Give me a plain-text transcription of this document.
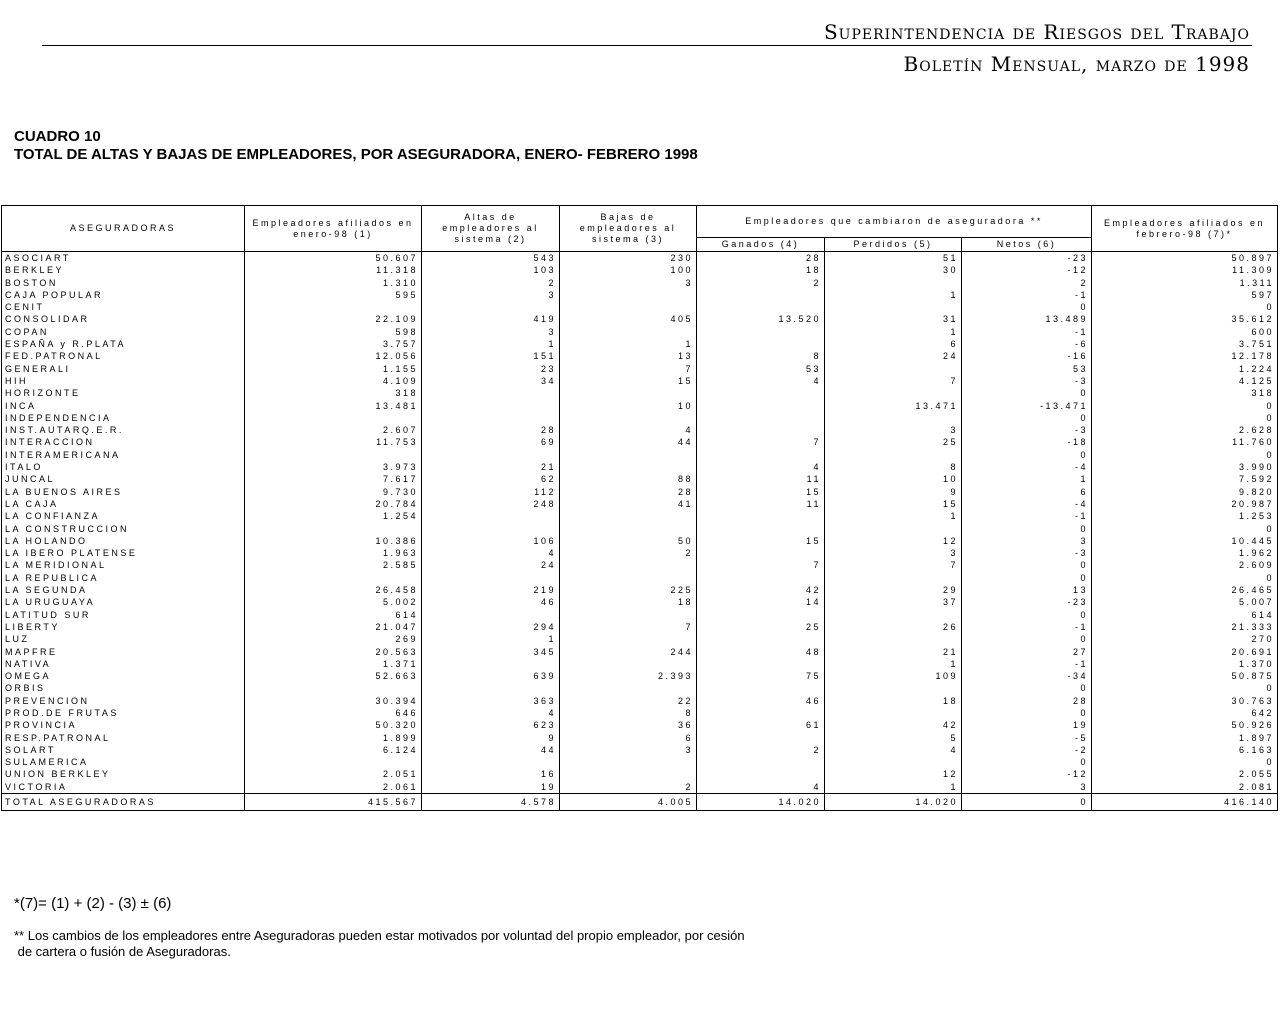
Superintendencia de Riesgos del Trabajo
Boletín Mensual, marzo de 1998
CUADRO 10
TOTAL DE ALTAS Y BAJAS DE EMPLEADORES, POR ASEGURADORA, ENERO- FEBRERO 1998
ASEGURADORAS	Empleadores afiliados en enero-98 (1)	Altas de empleadores al sistema (2)	Bajas de empleadores al sistema (3)	Empleadores que cambiaron de aseguradora **			Empleadores afiliados en febrero-98 (7)*
				Ganados (4)	Perdidos (5)	Netos (6)	
ASOCIART	50.607	543	230	28	51	-23	50.897
BERKLEY	11.318	103	100	18	30	-12	11.309
BOSTON	1.310	2	3	2		2	1.311
CAJA POPULAR	595	3			1	-1	597
CENIT						0	0
CONSOLIDAR	22.109	419	405	13.520	31	13.489	35.612
COPAN	598	3			1	-1	600
ESPAÑA y R.PLATA	3.757	1	1		6	-6	3.751
FED.PATRONAL	12.056	151	13	8	24	-16	12.178
GENERALI	1.155	23	7	53		53	1.224
HIH	4.109	34	15	4	7	-3	4.125
HORIZONTE	318					0	318
INCA	13.481		10		13.471	-13.471	0
INDEPENDENCIA						0	0
INST.AUTARQ.E.R.	2.607	28	4		3	-3	2.628
INTERACCION	11.753	69	44	7	25	-18	11.760
INTERAMERICANA						0	0
ITALO	3.973	21		4	8	-4	3.990
JUNCAL	7.617	62	88	11	10	1	7.592
LA BUENOS AIRES	9.730	112	28	15	9	6	9.820
LA CAJA	20.784	248	41	11	15	-4	20.987
LA CONFIANZA	1.254				1	-1	1.253
LA CONSTRUCCION						0	0
LA HOLANDO	10.386	106	50	15	12	3	10.445
LA IBERO PLATENSE	1.963	4	2		3	-3	1.962
LA MERIDIONAL	2.585	24		7	7	0	2.609
LA REPUBLICA						0	0
LA SEGUNDA	26.458	219	225	42	29	13	26.465
LA URUGUAYA	5.002	46	18	14	37	-23	5.007
LATITUD SUR	614					0	614
LIBERTY	21.047	294	7	25	26	-1	21.333
LUZ	269	1				0	270
MAPFRE	20.563	345	244	48	21	27	20.691
NATIVA	1.371				1	-1	1.370
OMEGA	52.663	639	2.393	75	109	-34	50.875
ORBIS						0	0
PREVENCION	30.394	363	22	46	18	28	30.763
PROD.DE FRUTAS	646	4	8			0	642
PROVINCIA	50.320	623	36	61	42	19	50.926
RESP.PATRONAL	1.899	9	6		5	-5	1.897
SOLART	6.124	44	3	2	4	-2	6.163
SULAMERICA						0	0
UNION BERKLEY	2.051	16			12	-12	2.055
VICTORIA	2.061	19	2	4	1	3	2.081
TOTAL ASEGURADORAS	415.567	4.578	4.005	14.020	14.020	0	416.140
*(7)= (1) + (2) - (3) ± (6)
** Los cambios de los empleadores entre Aseguradoras pueden estar motivados por voluntad del propio empleador, por cesión
de cartera o fusión de Aseguradoras.
